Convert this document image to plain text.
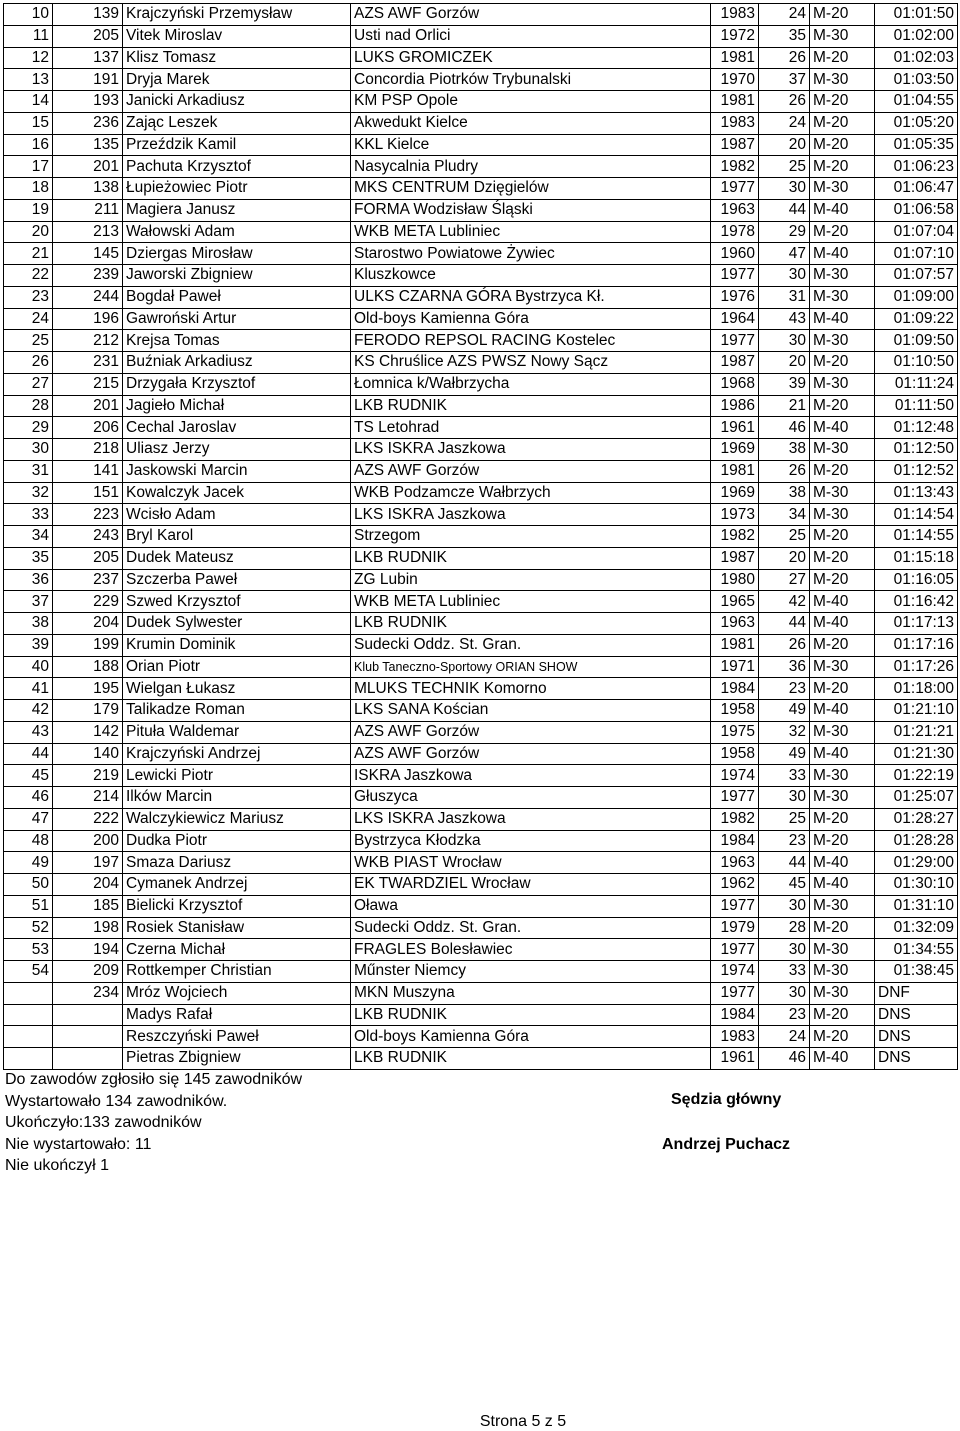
10	139	Krajczyński Przemysław	AZS AWF Gorzów	1983	24	M-20	01:01:50
11	205	Vitek Miroslav	Usti nad Orlici	1972	35	M-30	01:02:00
12	137	Klisz Tomasz	LUKS GROMICZEK	1981	26	M-20	01:02:03
13	191	Dryja Marek	Concordia Piotrków Trybunalski	1970	37	M-30	01:03:50
14	193	Janicki Arkadiusz	KM PSP Opole	1981	26	M-20	01:04:55
15	236	Zając Leszek	Akwedukt Kielce	1983	24	M-20	01:05:20
16	135	Przeździk Kamil	KKL Kielce	1987	20	M-20	01:05:35
17	201	Pachuta Krzysztof	Nasycalnia Pludry	1982	25	M-20	01:06:23
18	138	Łupieżowiec Piotr	MKS CENTRUM Dzięgielów	1977	30	M-30	01:06:47
19	211	Magiera Janusz	FORMA Wodzisław Śląski	1963	44	M-40	01:06:58
20	213	Wałowski Adam	WKB META Lubliniec	1978	29	M-20	01:07:04
21	145	Dziergas Mirosław	Starostwo Powiatowe Żywiec	1960	47	M-40	01:07:10
22	239	Jaworski Zbigniew	Kluszkowce	1977	30	M-30	01:07:57
23	244	Bogdał Paweł	ULKS CZARNA GÓRA Bystrzyca Kł.	1976	31	M-30	01:09:00
24	196	Gawroński Artur	Old-boys Kamienna Góra	1964	43	M-40	01:09:22
25	212	Krejsa Tomas	FERODO REPSOL RACING Kostelec	1977	30	M-30	01:09:50
26	231	Buźniak Arkadiusz	KS Chruślice AZS PWSZ Nowy Sącz	1987	20	M-20	01:10:50
27	215	Drzygała Krzysztof	Łomnica k/Wałbrzycha	1968	39	M-30	01:11:24
28	201	Jagieło Michał	LKB RUDNIK	1986	21	M-20	01:11:50
29	206	Cechal Jaroslav	TS Letohrad	1961	46	M-40	01:12:48
30	218	Uliasz Jerzy	LKS ISKRA Jaszkowa	1969	38	M-30	01:12:50
31	141	Jaskowski Marcin	AZS AWF Gorzów	1981	26	M-20	01:12:52
32	151	Kowalczyk Jacek	WKB Podzamcze Wałbrzych	1969	38	M-30	01:13:43
33	223	Wcisło Adam	LKS ISKRA Jaszkowa	1973	34	M-30	01:14:54
34	243	Bryl Karol	Strzegom	1982	25	M-20	01:14:55
35	205	Dudek Mateusz	LKB RUDNIK	1987	20	M-20	01:15:18
36	237	Szczerba Paweł	ZG Lubin	1980	27	M-20	01:16:05
37	229	Szwed Krzysztof	WKB META Lubliniec	1965	42	M-40	01:16:42
38	204	Dudek Sylwester	LKB RUDNIK	1963	44	M-40	01:17:13
39	199	Krumin Dominik	Sudecki Oddz. St. Gran.	1981	26	M-20	01:17:16
40	188	Orian Piotr	Klub Taneczno-Sportowy ORIAN SHOW	1971	36	M-30	01:17:26
41	195	Wielgan Łukasz	MLUKS TECHNIK Komorno	1984	23	M-20	01:18:00
42	179	Talikadze Roman	LKS SANA Kościan	1958	49	M-40	01:21:10
43	142	Pituła Waldemar	AZS AWF Gorzów	1975	32	M-30	01:21:21
44	140	Krajczyński Andrzej	AZS AWF Gorzów	1958	49	M-40	01:21:30
45	219	Lewicki Piotr	ISKRA Jaszkowa	1974	33	M-30	01:22:19
46	214	Ilków Marcin	Głuszyca	1977	30	M-30	01:25:07
47	222	Walczykiewicz Mariusz	LKS ISKRA Jaszkowa	1982	25	M-20	01:28:27
48	200	Dudka Piotr	Bystrzyca Kłodzka	1984	23	M-20	01:28:28
49	197	Smaza Dariusz	WKB PIAST Wrocław	1963	44	M-40	01:29:00
50	204	Cymanek Andrzej	EK TWARDZIEL Wrocław	1962	45	M-40	01:30:10
51	185	Bielicki Krzysztof	Oława	1977	30	M-30	01:31:10
52	198	Rosiek Stanisław	Sudecki Oddz. St. Gran.	1979	28	M-20	01:32:09
53	194	Czerna Michał	FRAGLES Bolesławiec	1977	30	M-30	01:34:55
54	209	Rottkemper Christian	Műnster Niemcy	1974	33	M-30	01:38:45
	234	Mróz Wojciech	MKN Muszyna	1977	30	M-30	DNF
		Madys Rafał	LKB RUDNIK	1984	23	M-20	DNS
		Reszczyński Paweł	Old-boys Kamienna Góra	1983	24	M-20	DNS
		Pietras Zbigniew	LKB RUDNIK	1961	46	M-40	DNS
Do zawodów zgłosiło się 145 zawodników
Wystartowało 134 zawodników.
Ukończyło:133 zawodników
Nie wystartowało: 11
Nie ukończył 1
Sędzia główny
Andrzej Puchacz
Strona 5 z 5
